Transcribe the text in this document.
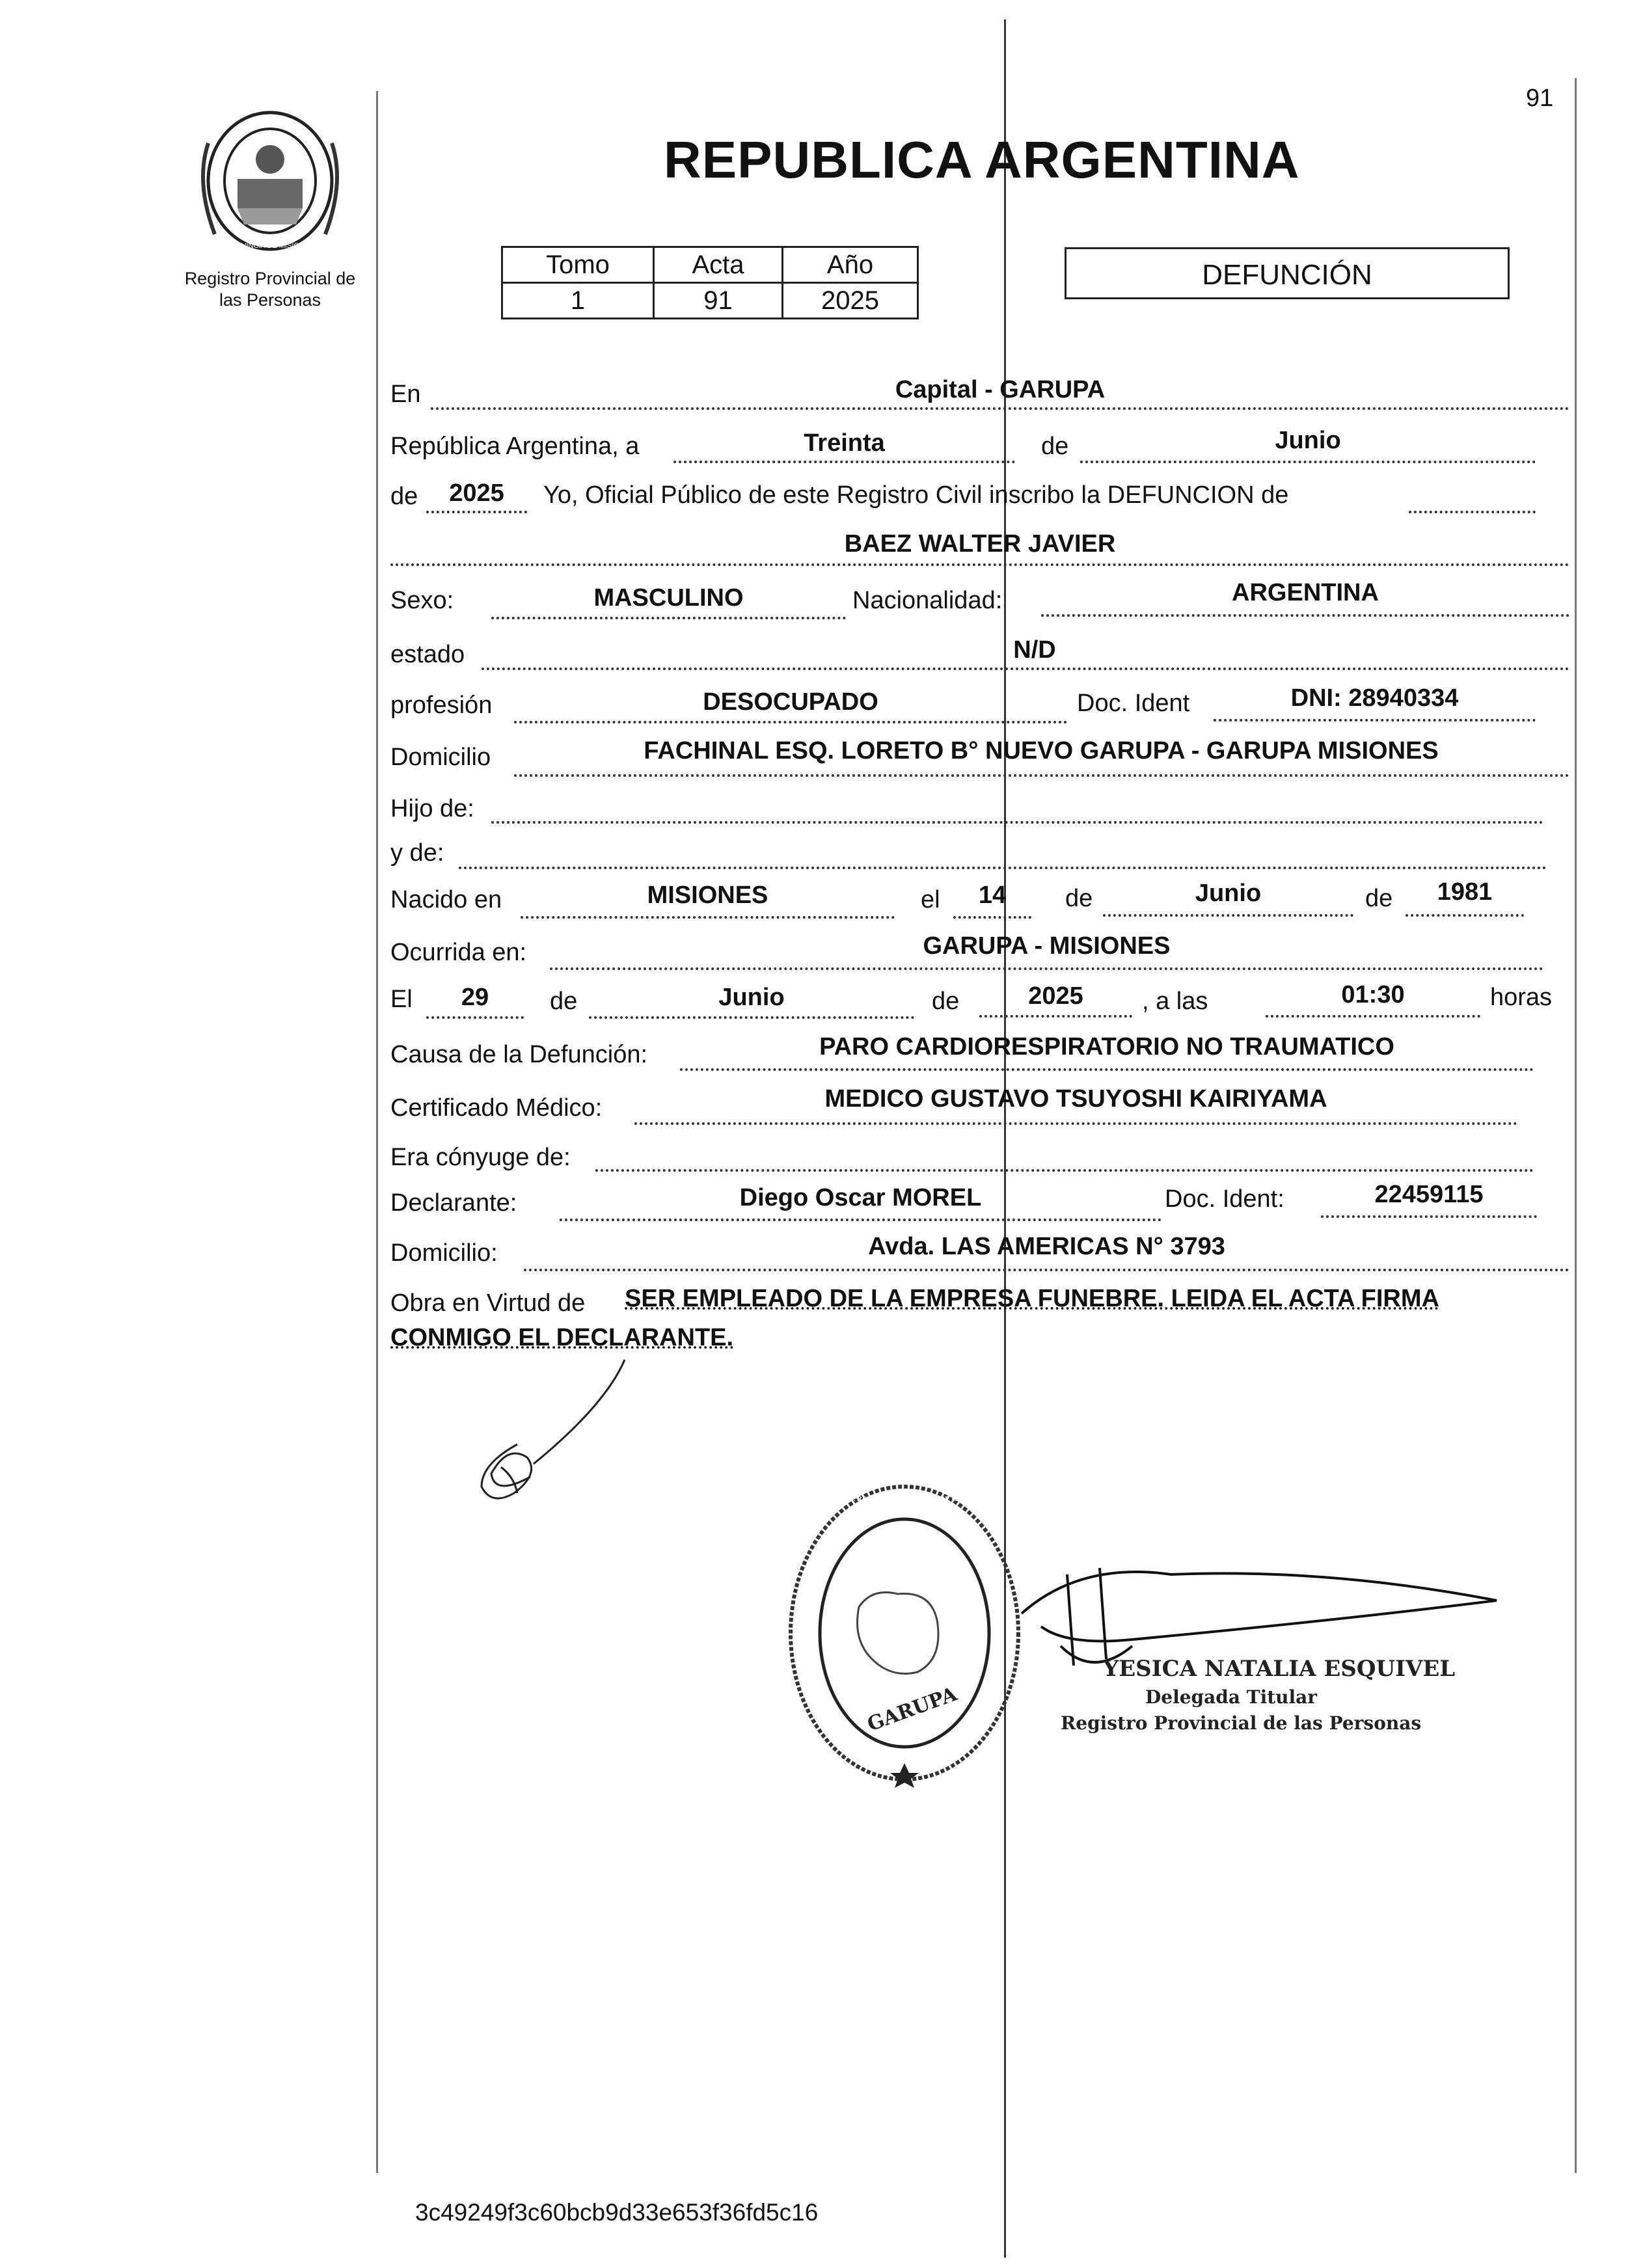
91
REPUBLICA ARGENTINA
PROVINCIA DE MISIONES
Registro Provincial de
las Personas
Tomo	Acta	Año
1	91	2025
DEFUNCIÓN
En	Capital - GARUPA
República Argentina, a	Treinta	de	Junio
de	2025	Yo, Oficial Público de este Registro Civil inscribo la DEFUNCION de
BAEZ WALTER JAVIER
Sexo:	MASCULINO	Nacionalidad:	ARGENTINA
estado	N/D
profesión	DESOCUPADO	Doc. Ident	DNI: 28940334
Domicilio	FACHINAL ESQ. LORETO B° NUEVO GARUPA - GARUPA MISIONES
Hijo de:
y de:
Nacido en	MISIONES	el	14	de	Junio	de	1981
Ocurrida en:	GARUPA - MISIONES
El	29	de	Junio	de	2025	, a las	01:30	horas
Causa de la Defunción:	PARO CARDIORESPIRATORIO NO TRAUMATICO
Certificado Médico:	MEDICO GUSTAVO TSUYOSHI KAIRIYAMA
Era cónyuge de:
Declarante:	Diego Oscar MOREL	Doc. Ident:	22459115
Domicilio:	Avda. LAS AMERICAS N° 3793
Obra en Virtud de SER EMPLEADO DE LA EMPRESA FUNEBRE. LEIDA EL ACTA FIRMA
CONMIGO EL DECLARANTE.
DELEGACION DEL REGISTRO PROVINCIAL DE LAS PERSONAS
GARUPA
YESICA NATALIA ESQUIVEL
Delegada Titular
Registro Provincial de las Personas
3c49249f3c60bcb9d33e653f36fd5c16
